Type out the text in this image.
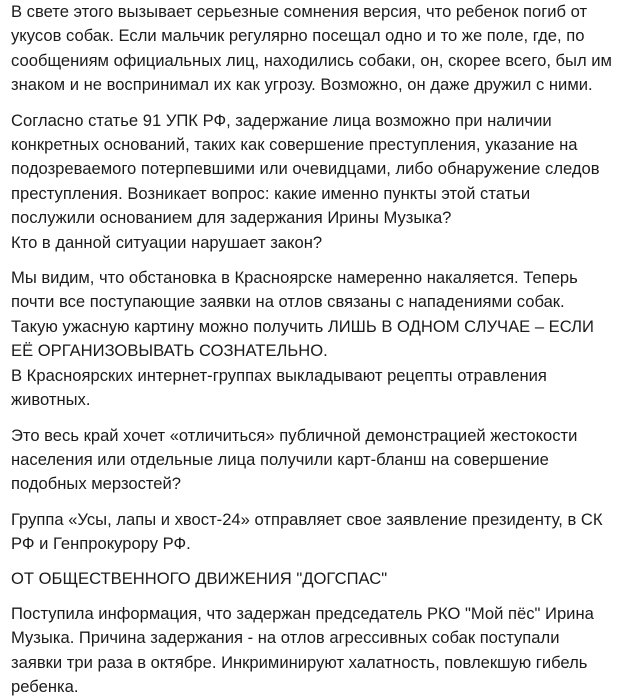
В свете этого вызывает серьезные сомнения версия, что ребенок погиб от
укусов собак. Если мальчик регулярно посещал одно и то же поле, где, по
сообщениям официальных лиц, находились собаки, он, скорее всего, был им
знаком и не воспринимал их как угрозу. Возможно, он даже дружил с ними.

Согласно статье 91 УПК РФ, задержание лица возможно при наличии
конкретных оснований, таких как совершение преступления, указание на
подозреваемого потерпевшими или очевидцами, либо обнаружение следов
преступления. Возникает вопрос: какие именно пункты этой статьи
послужили основанием для задержания Ирины Музыка?
Кто в данной ситуации нарушает закон?

Мы видим, что обстановка в Красноярске намеренно накаляется. Теперь
почти все поступающие заявки на отлов связаны с нападениями собак.
Такую ужасную картину можно получить ЛИШЬ В ОДНОМ СЛУЧАЕ – ЕСЛИ
ЕЁ ОРГАНИЗОВЫВАТЬ СОЗНАТЕЛЬНО.
В Красноярских интернет-группах выкладывают рецепты отравления
животных.

Это весь край хочет «отличиться» публичной демонстрацией жестокости
населения или отдельные лица получили карт-бланш на совершение
подобных мерзостей?

Группа «Усы, лапы и хвост-24» отправляет свое заявление президенту, в СК
РФ и Генпрокурору РФ.

ОТ ОБЩЕСТВЕННОГО ДВИЖЕНИЯ "ДОГСПАС"

Поступила информация, что задержан председатель РКО "Мой пёс" Ирина
Музыка. Причина задержания - на отлов агрессивных собак поступали
заявки три раза в октябре. Инкриминируют халатность, повлекшую гибель
ребенка.
